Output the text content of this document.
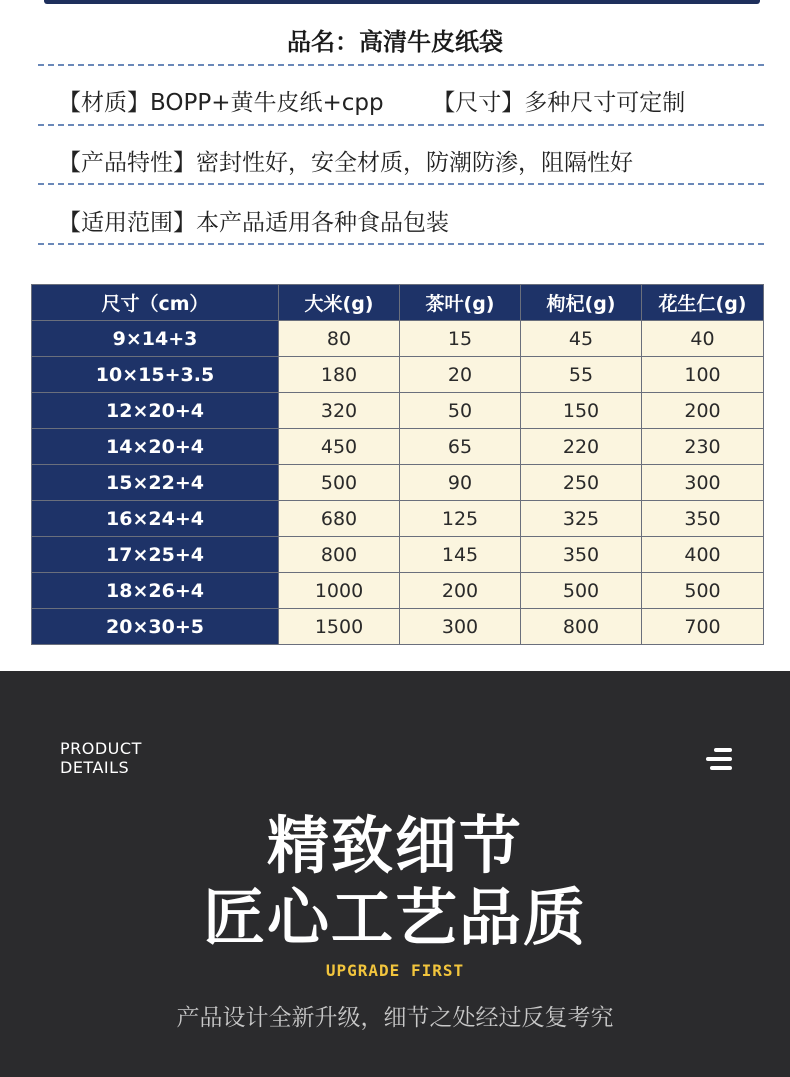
品名：高清牛皮纸袋
【材质】BOPP+黄牛皮纸+cpp 【尺寸】多种尺寸可定制
【产品特性】密封性好，安全材质，防潮防渗，阻隔性好
【适用范围】本产品适用各种食品包装
尺寸（cm）	大米(g)	茶叶(g)	枸杞(g)	花生仁(g)
9×14+3	80	15	45	40
10×15+3.5	180	20	55	100
12×20+4	320	50	150	200
14×20+4	450	65	220	230
15×22+4	500	90	250	300
16×24+4	680	125	325	350
17×25+4	800	145	350	400
18×26+4	1000	200	500	500
20×30+5	1500	300	800	700
PRODUCT
DETAILS
精致细节
匠心工艺品质
UPGRADE FIRST
产品设计全新升级，细节之处经过反复考究
